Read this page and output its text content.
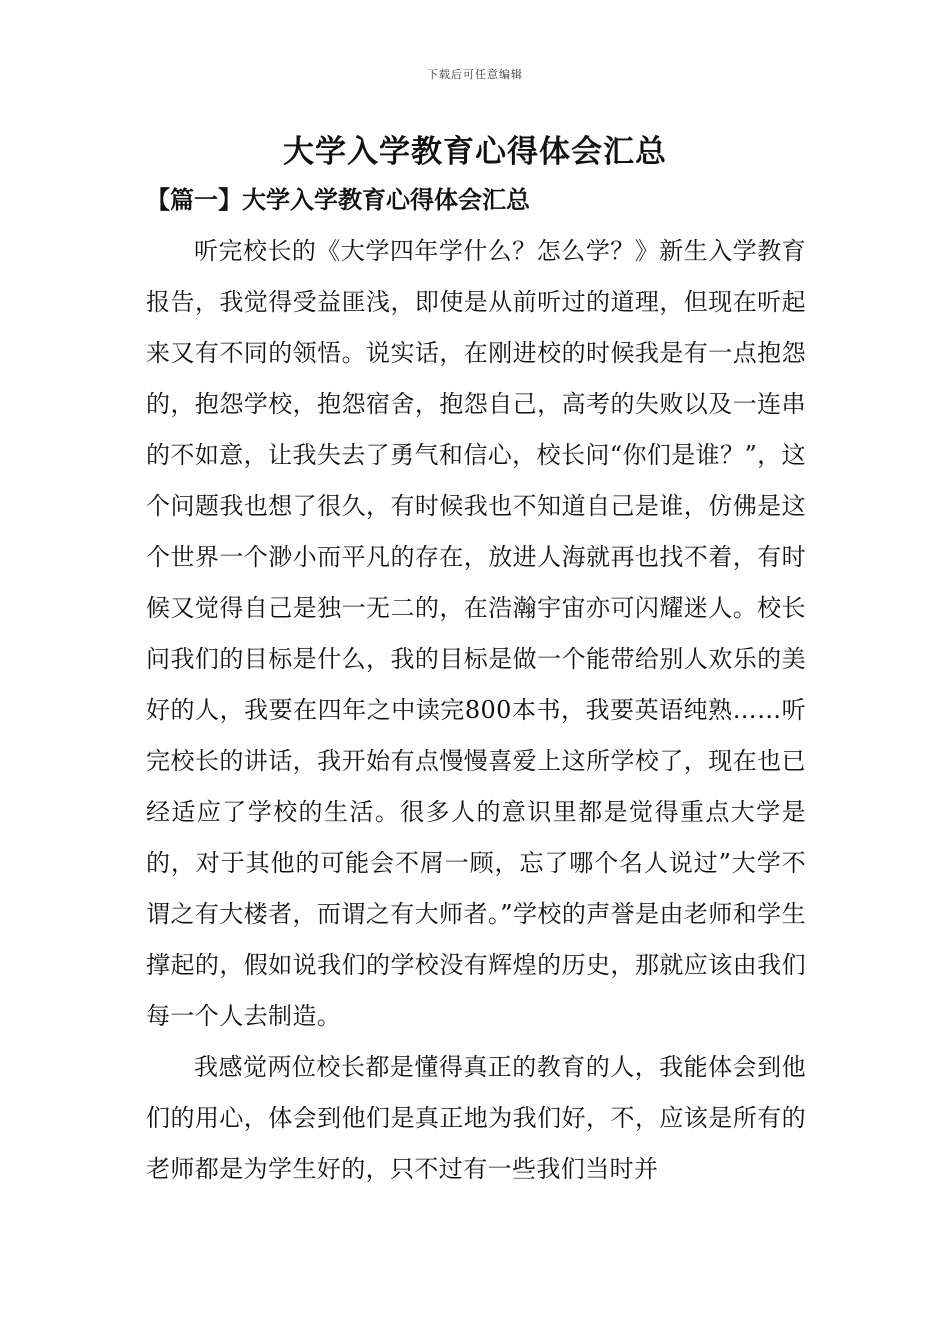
下载后可任意编辑
大学入学教育心得体会汇总
【篇一】大学入学教育心得体会汇总

听完校长的《大学四年学什么？怎么学？》新生入学教育报告，我觉得受益匪浅，即使是从前听过的道理，但现在听起来又有不同的领悟。说实话，在刚进校的时候我是有一点抱怨的，抱怨学校，抱怨宿舍，抱怨自己，高考的失败以及一连串的不如意，让我失去了勇气和信心，校长问“你们是谁？”，这个问题我也想了很久，有时候我也不知道自己是谁，仿佛是这个世界一个渺小而平凡的存在，放进人海就再也找不着，有时候又觉得自己是独一无二的，在浩瀚宇宙亦可闪耀迷人。校长问我们的目标是什么，我的目标是做一个能带给别人欢乐的美好的人，我要在四年之中读完800本书，我要英语纯熟……听完校长的讲话，我开始有点慢慢喜爱上这所学校了，现在也已经适应了学校的生活。很多人的意识里都是觉得重点大学是的，对于其他的可能会不屑一顾，忘了哪个名人说过”大学不谓之有大楼者，而谓之有大师者。”学校的声誉是由老师和学生撑起的，假如说我们的学校没有辉煌的历史，那就应该由我们每一个人去制造。

我感觉两位校长都是懂得真正的教育的人，我能体会到他们的用心，体会到他们是真正地为我们好，不，应该是所有的老师都是为学生好的，只不过有一些我们当时并
